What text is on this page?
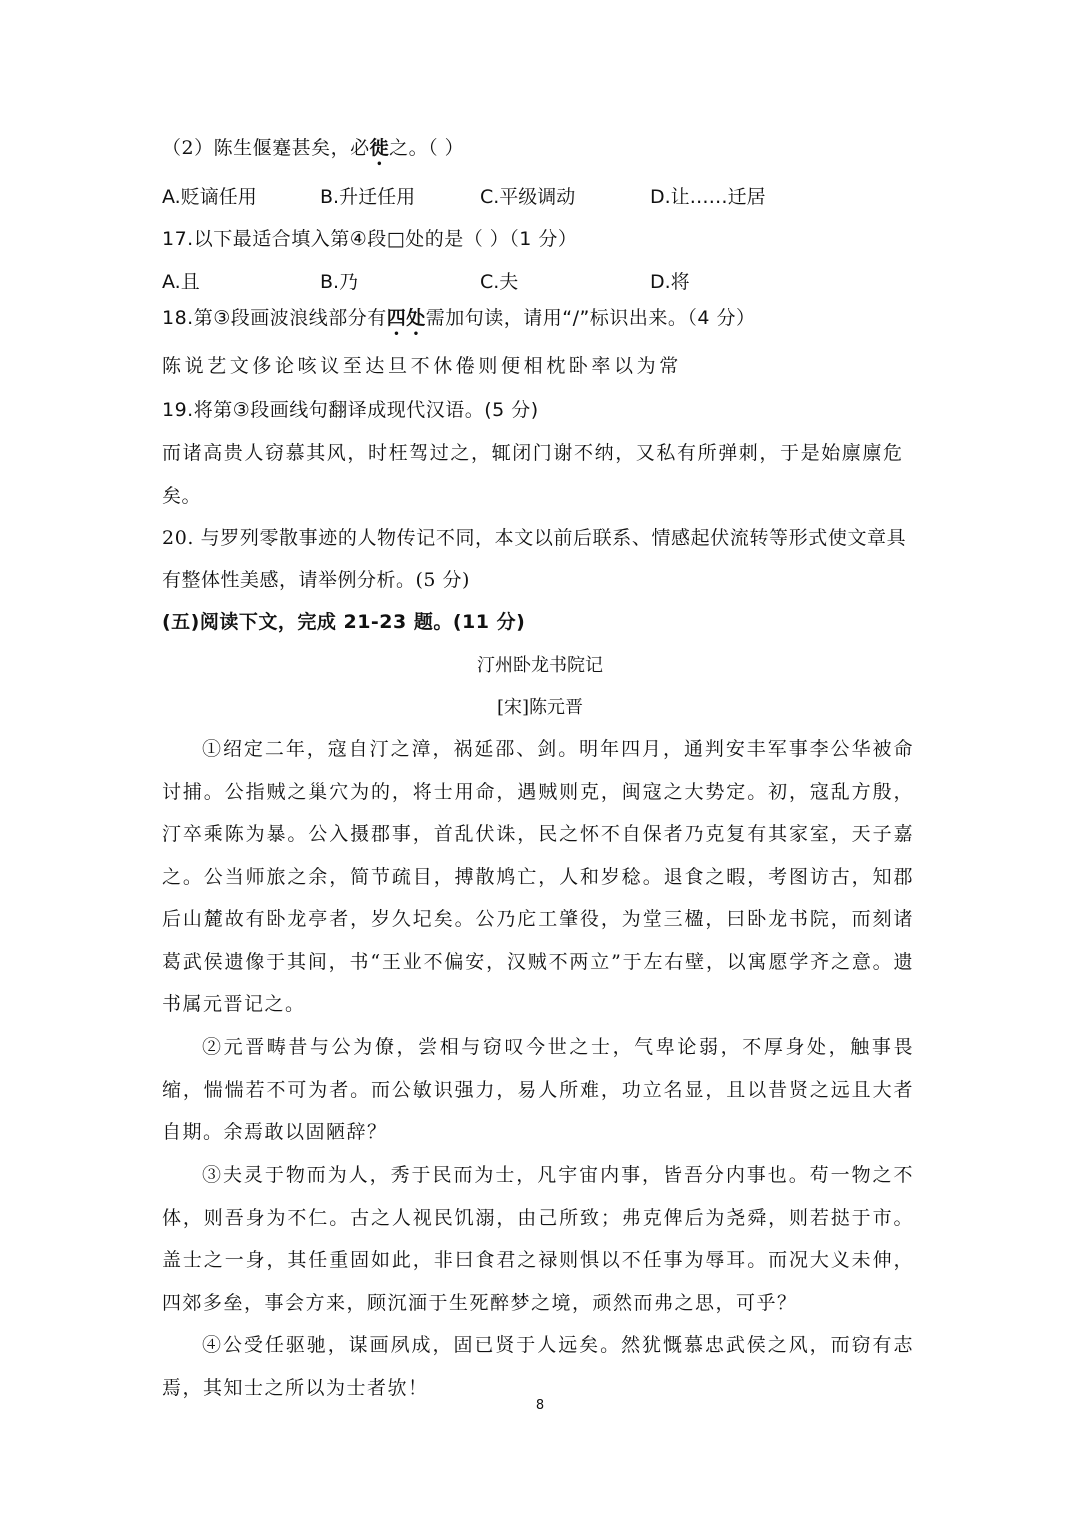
（2）陈生偃蹇甚矣，必徙之。（ ）
A.贬谪任用	B.升迁任用	C.平级调动	D.让……迁居
17.以下最适合填入第④段□处的是（ ）（1 分）
A.且	B.乃	C.夫	D.将
18.第③段画波浪线部分有四处需加句读，请用“/”标识出来。（4 分）
陈说艺文侈论咳议至达旦不休倦则便相枕卧率以为常
19.将第③段画线句翻译成现代汉语。(5 分)
而诸高贵人窃慕其风，时枉驾过之，辄闭门谢不纳，又私有所弹刺，于是始廪廪危
矣。
20. 与罗列零散事迹的人物传记不同，本文以前后联系、情感起伏流转等形式使文章具
有整体性美感，请举例分析。(5 分)
(五)阅读下文，完成 21-23 题。(11 分)
汀州卧龙书院记
[宋]陈元晋
①绍定二年，寇自汀之漳，祸延邵、剑。明年四月，通判安丰军事李公华被命讨捕。公指贼之巢穴为的，将士用命，遇贼则克，闽寇之大势定。初，寇乱方殷，汀卒乘陈为暴。公入摄郡事，首乱伏诛，民之怀不自保者乃克复有其家室，天子嘉之。公当师旅之余，简节疏目，搏散鸠亡，人和岁稔。退食之暇，考图访古，知郡后山麓故有卧龙亭者，岁久圮矣。公乃庀工肇役，为堂三楹，曰卧龙书院，而刻诸葛武侯遗像于其间，书“王业不偏安，汉贼不两立”于左右壁，以寓愿学齐之意。遗书属元晋记之。
②元晋畴昔与公为僚，尝相与窃叹今世之士，气卑论弱，不厚身处，触事畏缩，惴惴若不可为者。而公敏识强力，易人所难，功立名显，且以昔贤之远且大者自期。余焉敢以固陋辞？
③夫灵于物而为人，秀于民而为士，凡宇宙内事，皆吾分内事也。苟一物之不体，则吾身为不仁。古之人视民饥溺，由己所致；弗克俾后为尧舜，则若挞于市。盖士之一身，其任重固如此，非曰食君之禄则惧以不任事为辱耳。而况大义未伸，四郊多垒，事会方来，顾沉湎于生死醉梦之境，顽然而弗之思，可乎？
④公受任驱驰，谋画夙成，固已贤于人远矣。然犹慨慕忠武侯之风，而窃有志焉，其知士之所以为士者欤！
8
